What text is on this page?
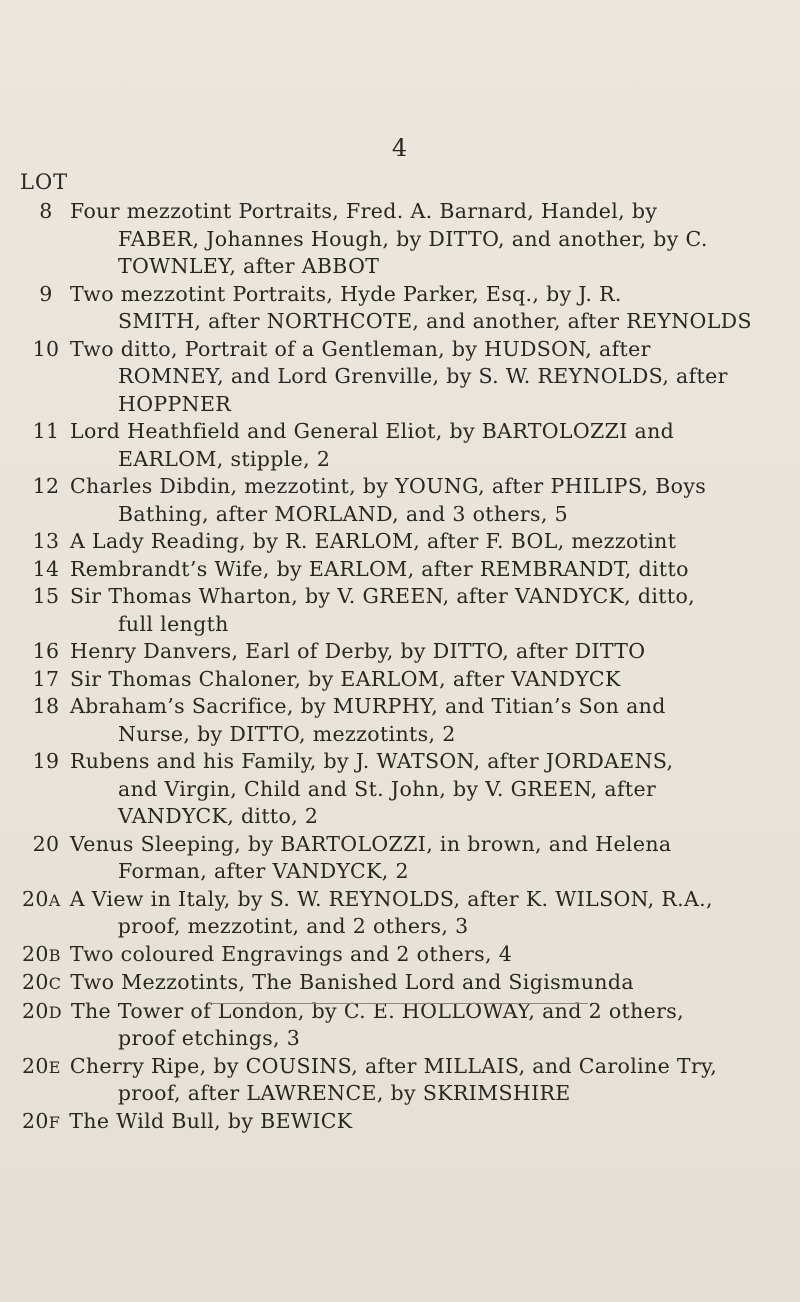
4
LOT
8 Four mezzotint Portraits, Fred. A. Barnard, Handel, by
FABER, Johannes Hough, by DITTO, and another, by C.
TOWNLEY, after ABBOT
9 Two mezzotint Portraits, Hyde Parker, Esq., by J. R.
SMITH, after NORTHCOTE, and another, after REYNOLDS
10 Two ditto, Portrait of a Gentleman, by HUDSON, after
ROMNEY, and Lord Grenville, by S. W. REYNOLDS, after
HOPPNER
11 Lord Heathfield and General Eliot, by BARTOLOZZI and
EARLOM, stipple, 2
12 Charles Dibdin, mezzotint, by YOUNG, after PHILIPS, Boys
Bathing, after MORLAND, and 3 others, 5
13 A Lady Reading, by R. EARLOM, after F. BOL, mezzotint
14 Rembrandt’s Wife, by EARLOM, after REMBRANDT, ditto
15 Sir Thomas Wharton, by V. GREEN, after VANDYCK, ditto,
full length
16 Henry Danvers, Earl of Derby, by DITTO, after DITTO
17 Sir Thomas Chaloner, by EARLOM, after VANDYCK
18 Abraham’s Sacrifice, by MURPHY, and Titian’s Son and
Nurse, by DITTO, mezzotints, 2
19 Rubens and his Family, by J. WATSON, after JORDAENS,
and Virgin, Child and St. John, by V. GREEN, after
VANDYCK, ditto, 2
20 Venus Sleeping, by BARTOLOZZI, in brown, and Helena
Forman, after VANDYCK, 2
20A A View in Italy, by S. W. REYNOLDS, after K. WILSON, R.A.,
proof, mezzotint, and 2 others, 3
20B Two coloured Engravings and 2 others, 4
20C Two Mezzotints, The Banished Lord and Sigismunda
20D The Tower of London, by C. E. HOLLOWAY, and 2 others,
proof etchings, 3
20E Cherry Ripe, by COUSINS, after MILLAIS, and Caroline Try,
proof, after LAWRENCE, by SKRIMSHIRE
20F The Wild Bull, by BEWICK
